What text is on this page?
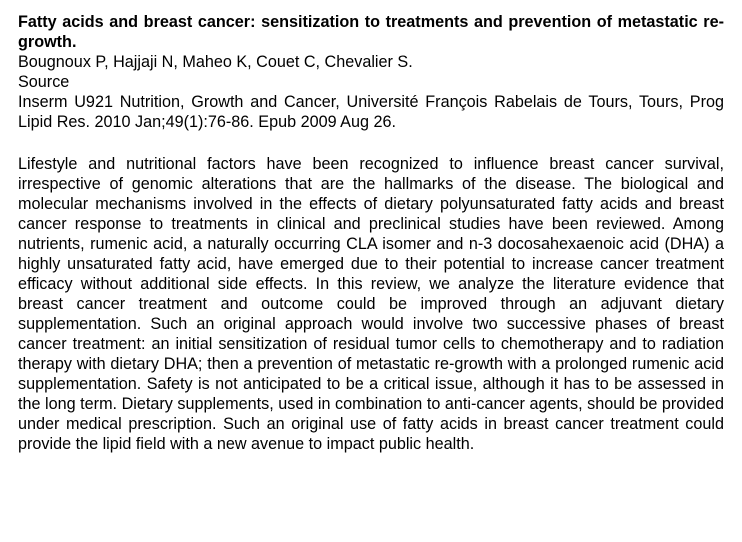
Fatty acids and breast cancer: sensitization to treatments and prevention of metastatic re-growth.

Bougnoux P, Hajjaji N, Maheo K, Couet C, Chevalier S.

Source

Inserm U921 Nutrition, Growth and Cancer, Université François Rabelais de Tours, Tours, Prog Lipid Res. 2010 Jan;49(1):76-86. Epub 2009 Aug 26.

Lifestyle and nutritional factors have been recognized to influence breast cancer survival, irrespective of genomic alterations that are the hallmarks of the disease. The biological and molecular mechanisms involved in the effects of dietary polyunsaturated fatty acids and breast cancer response to treatments in clinical and preclinical studies have been reviewed. Among nutrients, rumenic acid, a naturally occurring CLA isomer and n-3 docosahexaenoic acid (DHA) a highly unsaturated fatty acid, have emerged due to their potential to increase cancer treatment efficacy without additional side effects. In this review, we analyze the literature evidence that breast cancer treatment and outcome could be improved through an adjuvant dietary supplementation. Such an original approach would involve two successive phases of breast cancer treatment: an initial sensitization of residual tumor cells to chemotherapy and to radiation therapy with dietary DHA; then a prevention of metastatic re-growth with a prolonged rumenic acid supplementation. Safety is not anticipated to be a critical issue, although it has to be assessed in the long term. Dietary supplements, used in combination to anti-cancer agents, should be provided under medical prescription. Such an original use of fatty acids in breast cancer treatment could provide the lipid field with a new avenue to impact public health.
